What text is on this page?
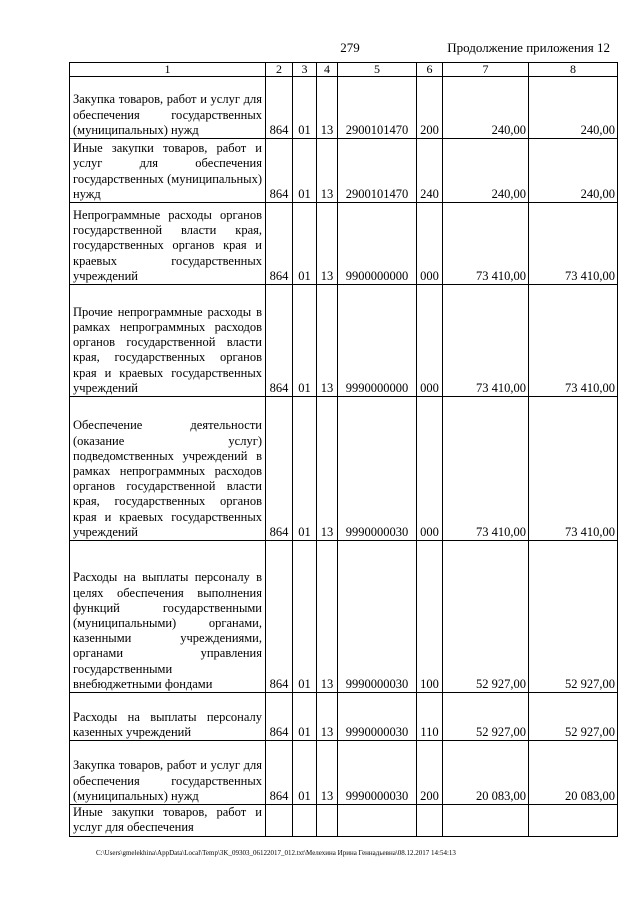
279	Продолжение приложения 12
1	2	3	4	5	6	7	8
Закупка товаров, работ и услуг для обеспечения государственных (муниципальных) нужд	864	01	13	2900101470	200	240,00	240,00
Иные закупки товаров, работ и услуг для обеспечения государственных (муниципальных) нужд	864	01	13	2900101470	240	240,00	240,00
Непрограммные расходы органов государственной власти края, государственных органов края и краевых государственных учреждений	864	01	13	9900000000	000	73 410,00	73 410,00
Прочие непрограммные расходы в рамках непрограммных расходов органов государственной власти края, государственных органов края и краевых государственных учреждений	864	01	13	9990000000	000	73 410,00	73 410,00
Обеспечение деятельности (оказание услуг) подведомственных учреждений в рамках непрограммных расходов органов государственной власти края, государственных органов края и краевых государственных учреждений	864	01	13	9990000030	000	73 410,00	73 410,00
Расходы на выплаты персоналу в целях обеспечения выполнения функций государственными (муниципальными) органами, казенными учреждениями, органами управления государственными внебюджетными фондами	864	01	13	9990000030	100	52 927,00	52 927,00
Расходы на выплаты персоналу казенных учреждений	864	01	13	9990000030	110	52 927,00	52 927,00
Закупка товаров, работ и услуг для обеспечения государственных (муниципальных) нужд	864	01	13	9990000030	200	20 083,00	20 083,00
Иные закупки товаров, работ и услуг для обеспечения							
C:\Users\gmelekhina\AppData\Local\Temp\3K_09303_06122017_012.txt\Мелехина Ирина Геннадьевна\08.12.2017 14:54:13
